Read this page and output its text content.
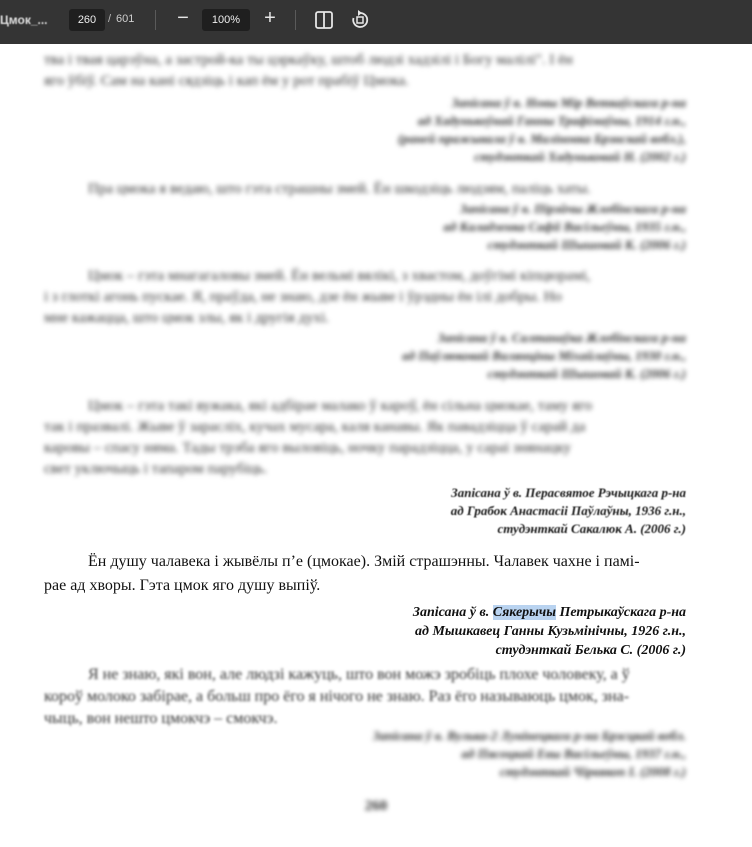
Цмок_...	260	/ 601 −	100%	+
тва і твая царэўна, а застрой-ка ты цэркаўку, штоб людзі хадзілі і Богу малілі". І ён
яго ўбіў. Сам на кані сядзіць і кап ём у рот прабіў Цмока.
Запісана ў в. Новы Мір Веткаўскага р-на
ад Хадунькоўнай Ганны Трафімаўны, 1914 г.н.,
(раней пражывала ў в. Маліновка Брэнскай вобл.),
студэнткай Хадуньковай Н. (2002 г.)
Пра цмока я ведаю, што гэта страшны змей. Ён шкодзіць людзям, паліць хаты.
Запісана ў в. Пірэйчы Жлобінскага р-на
ад Каладзенка Сафіі Васільеўны, 1935 г.н.,
студэнткай Шышовай К. (2006 г.)
Цмок – гэта мнагагаловы змей. Ён вельмі вялікі, з хвастом, доўгімі кіпцюрамі,
і з глоткі агонь пускае. Я, праўда, не знаю, дзе ён жыве і ўрэдны ён ілі добры. Но
мне кажацца, што цмок злы, як і другія духі.
Запісана ў в. Салтанаўка Жлобінскага р-на
ад Паўлюковай Валянціны Міхайлаўны, 1930 г.н.,
студэнткай Шышовай К. (2006 г.)
Цмок – гэта такі вужака, які адбірае малако ў кароў, ён сільна цмокае, таму яго
так і празвалі. Жыве ў зарасліх, кучах мусара, каля канавы. Як павадзіцца ў сарай да
каровы – спасу няма. Тады трэба яго выловіць, ночку парадзіцца, у сараі знянацку
свет уключыць і тапаром парубіць.
Запісана ў в. Перасвятое Рэчыцкага р-на
ад Грабок Анастасіі Паўлаўны, 1936 г.н.,
студэнткай Сакалюк А. (2006 г.)
Ён душу чалавека і жывёлы п’е (цмокае). Змій страшэнны. Чалавек чахне і памі-
рае ад хворы. Гэта цмок яго душу выпіў.
Запісана ў в. Сякерычы Петрыкаўскага р-на
ад Мышкавец Ганны Кузьмінічны, 1926 г.н.,
студэнткай Белька С. (2006 г.)
Я не знаю, які вон, але людзі кажуць, што вон можэ зробіць плохе чоловеку, а ў
короў молоко забірае, а больш про ёго я нічого не знаю. Раз ёго называюць цмок, зна-
чыць, вон нешто цмокчэ – смокчэ.
Запісана ў в. Вулька-2 Лунінецкага р-на Брэсцкай вобл.
ад Пясоцкай Евы Васільеўны, 1937 г.н.,
студэнткай Чірвякоп І. (2008 г.)
260
